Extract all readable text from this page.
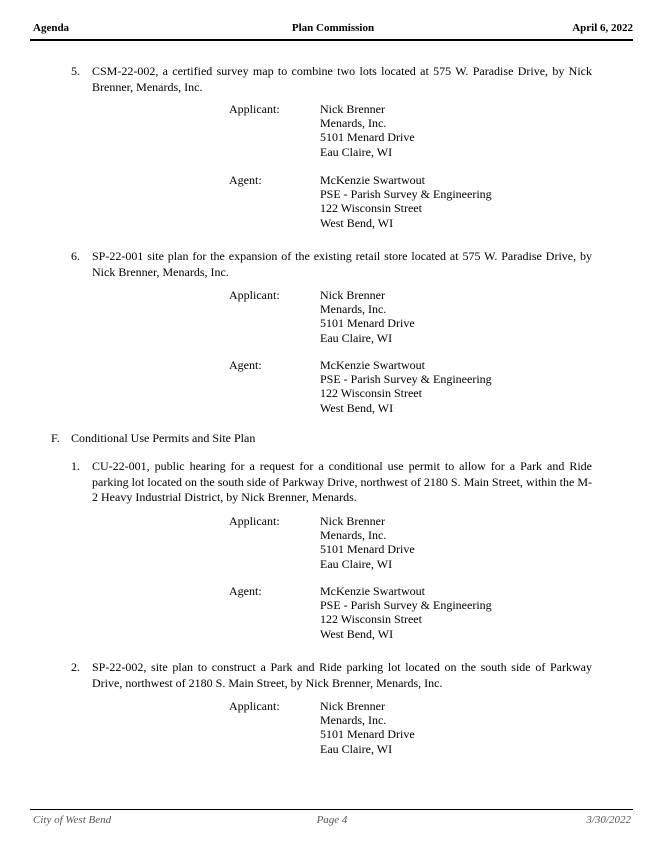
Agenda	Plan Commission	April 6, 2022
5. CSM-22-002, a certified survey map to combine two lots located at 575 W. Paradise Drive, by Nick Brenner, Menards, Inc.
Applicant:	Nick Brenner
Menards, Inc.
5101 Menard Drive
Eau Claire, WI
Agent:	McKenzie Swartwout
PSE - Parish Survey & Engineering
122 Wisconsin Street
West Bend, WI
6. SP-22-001 site plan for the expansion of the existing retail store located at 575 W. Paradise Drive, by Nick Brenner, Menards, Inc.
Applicant:	Nick Brenner
Menards, Inc.
5101 Menard Drive
Eau Claire, WI
Agent:	McKenzie Swartwout
PSE - Parish Survey & Engineering
122 Wisconsin Street
West Bend, WI
F. Conditional Use Permits and Site Plan
1. CU-22-001, public hearing for a request for a conditional use permit to allow for a Park and Ride parking lot located on the south side of Parkway Drive, northwest of 2180 S. Main Street, within the M-2 Heavy Industrial District, by Nick Brenner, Menards.
Applicant:	Nick Brenner
Menards, Inc.
5101 Menard Drive
Eau Claire, WI
Agent:	McKenzie Swartwout
PSE - Parish Survey & Engineering
122 Wisconsin Street
West Bend, WI
2. SP-22-002, site plan to construct a Park and Ride parking lot located on the south side of Parkway Drive, northwest of 2180 S. Main Street, by Nick Brenner, Menards, Inc.
Applicant:	Nick Brenner
Menards, Inc.
5101 Menard Drive
Eau Claire, WI
City of West Bend	Page 4	3/30/2022
